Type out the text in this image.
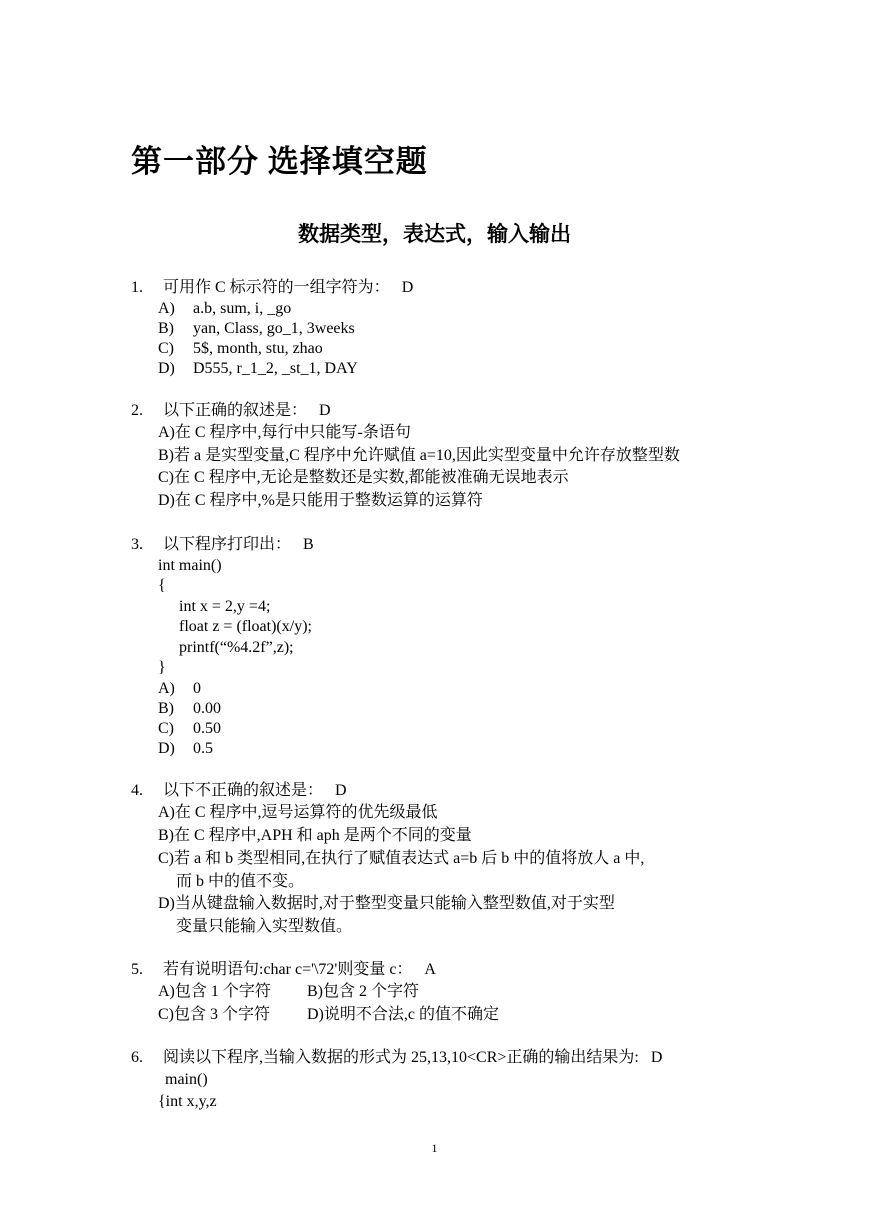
第一部分 选择填空题
数据类型，表达式，输入输出
1. 可用作 C 标示符的一组字符为： D
A) a.b, sum, i, _go
B) yan, Class, go_1, 3weeks
C) 5$, month, stu, zhao
D) D555, r_1_2, _st_1, DAY
2. 以下正确的叙述是： D
A)在 C 程序中,每行中只能写-条语句
B)若 a 是实型变量,C 程序中允许赋值 a=10,因此实型变量中允许存放整型数
C)在 C 程序中,无论是整数还是实数,都能被准确无误地表示
D)在 C 程序中,%是只能用于整数运算的运算符
3. 以下程序打印出： B
int main()
{
int x = 2,y =4;
float z = (float)(x/y);
printf(“%4.2f”,z);
}
A) 0
B) 0.00
C) 0.50
D) 0.5
4. 以下不正确的叙述是： D
A)在 C 程序中,逗号运算符的优先级最低
B)在 C 程序中,APH 和 aph 是两个不同的变量
C)若 a 和 b 类型相同,在执行了赋值表达式 a=b 后 b 中的值将放人 a 中,
而 b 中的值不变。
D)当从键盘输入数据时,对于整型变量只能输入整型数值,对于实型
变量只能输入实型数值。
5. 若有说明语句:char c='\72'则变量 c： A
A)包含 1 个字符 B)包含 2 个字符
C)包含 3 个字符 D)说明不合法,c 的值不确定
6. 阅读以下程序,当输入数据的形式为 25,13,10<CR>正确的输出结果为: D
main()
{int x,y,z
1
